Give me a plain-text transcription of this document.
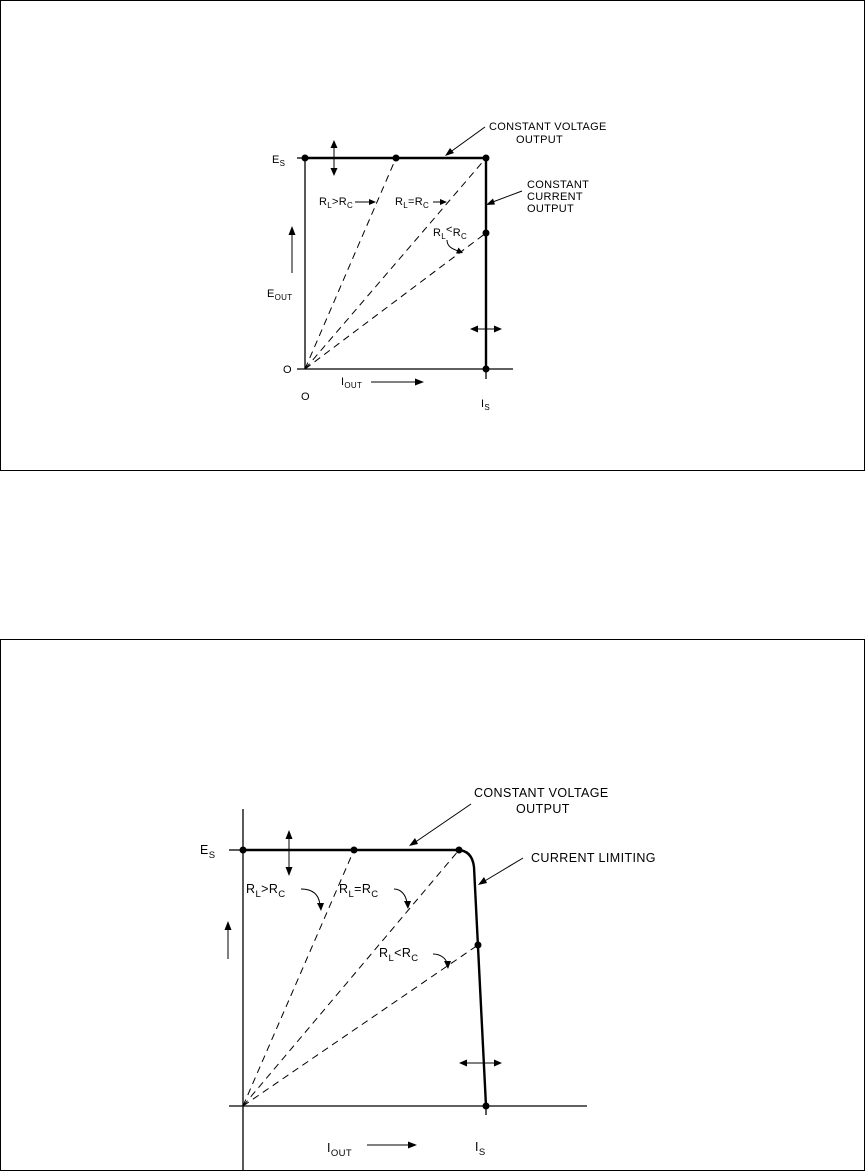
CONSTANT VOLTAGE
OUTPUT
CONSTANT
CURRENT
OUTPUT
$E_S$
$E_{OUT}$
O
O
$I_{OUT}$
$I_S$
$R_L>R_C$	$R_L=R_C$
$R_L<R_C$
CONSTANT VOLTAGE
OUTPUT
CURRENT LIMITING
$E_S$
$I_{OUT}$	$I_S$
$R_L>R_C$	$R_L=R_C$
$R_L<R_C$
